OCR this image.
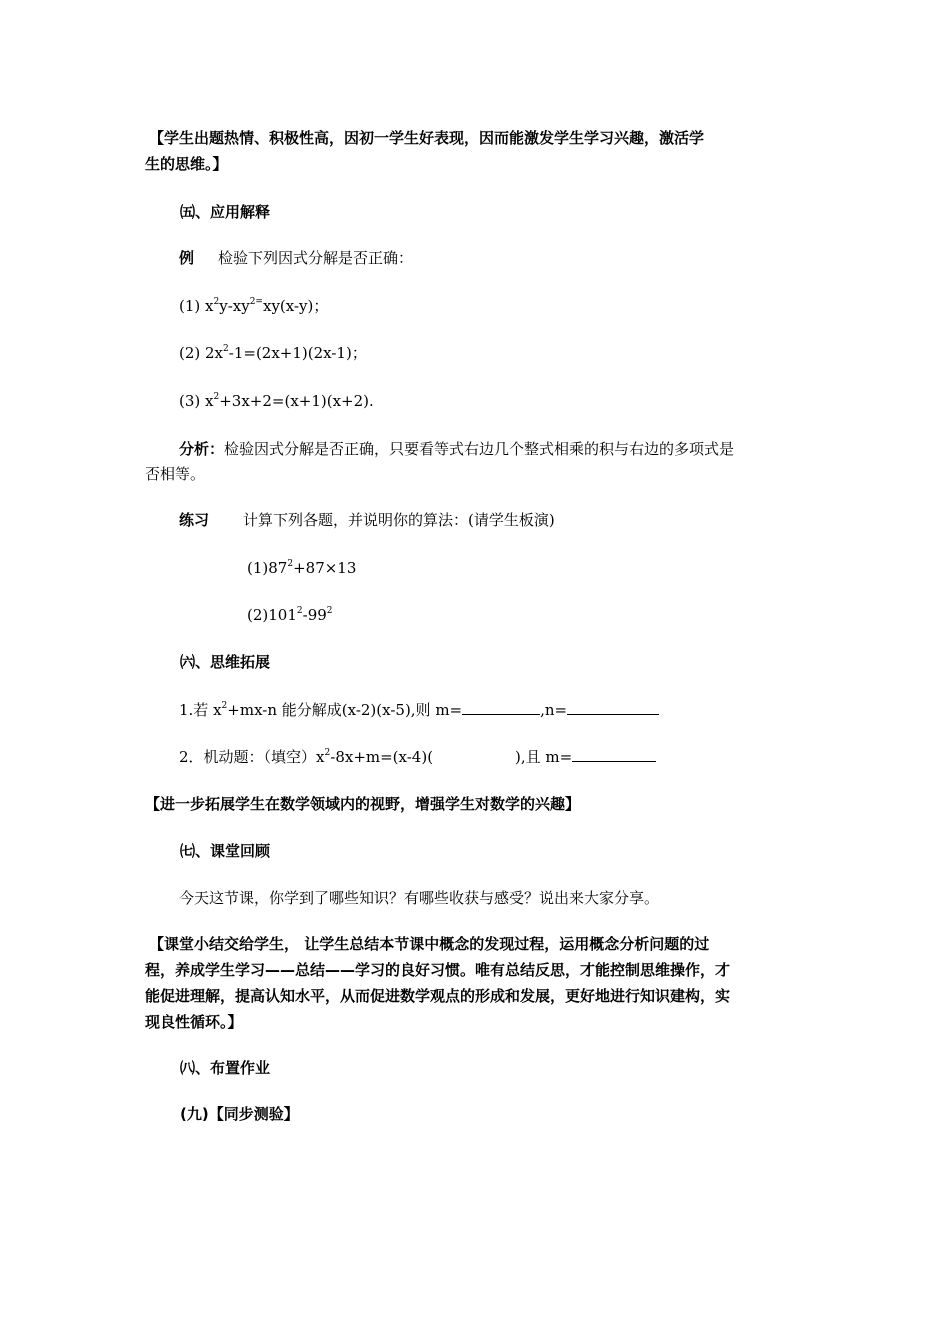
【学生出题热情、积极性高，因初一学生好表现，因而能激发学生学习兴趣，激活学
生的思维。】
㈤、应用解释
例 检验下列因式分解是否正确：
(1) $x^2y-xy^{2=}xy(x-y)$；
(2) $2x^2-1=(2x+1)(2x-1)$；
(3) $x^2+3x+2=(x+1)(x+2)$.
分析：检验因式分解是否正确，只要看等式右边几个整式相乘的积与右边的多项式是
否相等。
练习 计算下列各题，并说明你的算法：(请学生板演)
$(1)87^2+87\times 13$
$(2)101^2-99^2$
㈥、思维拓展
1.若 $x^2+mx-n$ 能分解成(x-2)(x-5),则 m=	,n=
2．机动题：（填空）$x^2-8x+m=(x-4)$(	),且 m=
【进一步拓展学生在数学领域内的视野，增强学生对数学的兴趣】
㈦、课堂回顾
今天这节课，你学到了哪些知识？有哪些收获与感受？说出来大家分享。
【课堂小结交给学生， 让学生总结本节课中概念的发现过程，运用概念分析问题的过
程，养成学生学习——总结——学习的良好习惯。唯有总结反思，才能控制思维操作，才
能促进理解，提高认知水平，从而促进数学观点的形成和发展，更好地进行知识建构，实
现良性循环。】
㈧、布置作业
(九)【同步测验】
